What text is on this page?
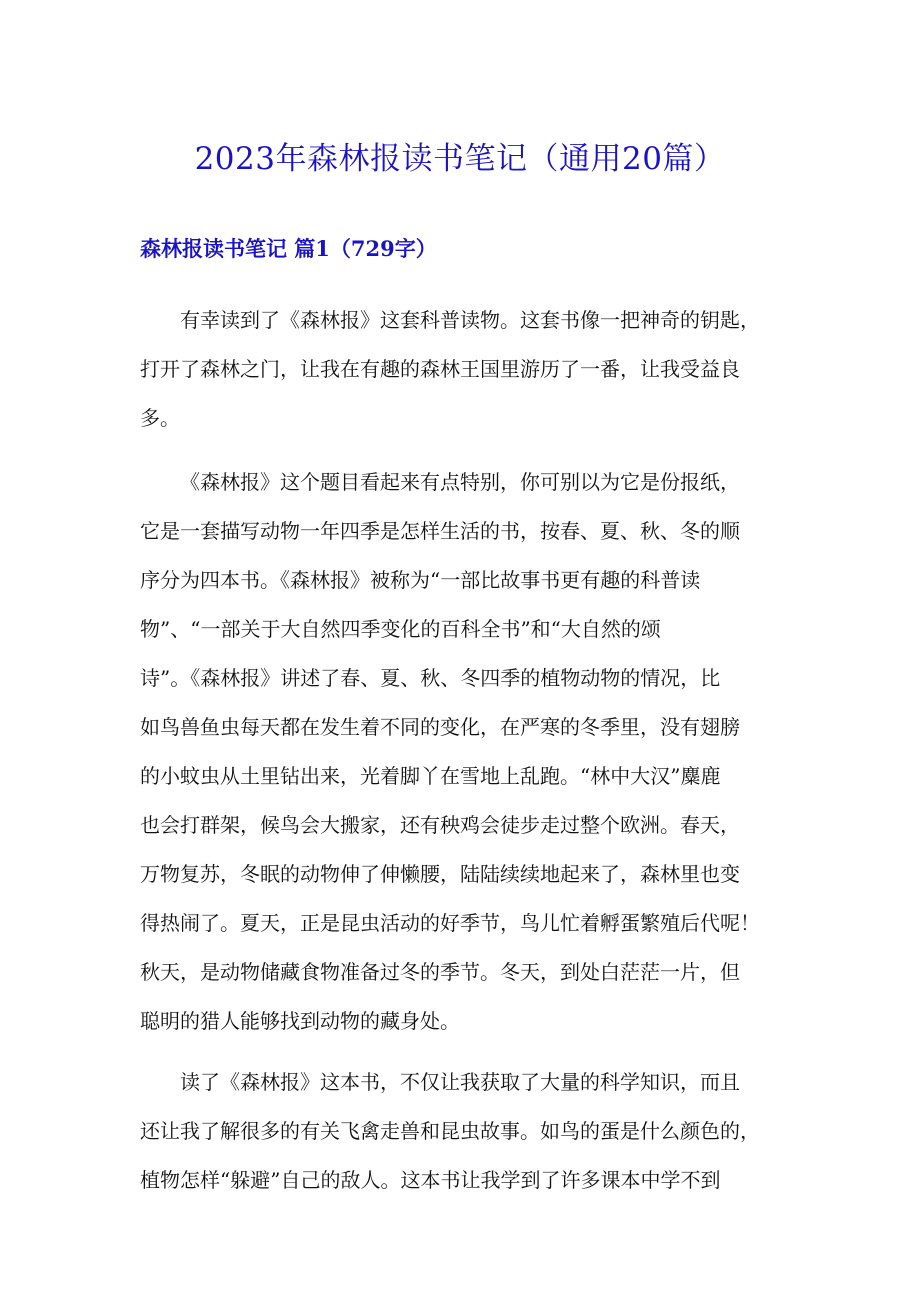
2023年森林报读书笔记（通用20篇）
森林报读书笔记 篇1（729字）
有幸读到了《森林报》这套科普读物。这套书像一把神奇的钥匙，
打开了森林之门，让我在有趣的森林王国里游历了一番，让我受益良
多。
《森林报》这个题目看起来有点特别，你可别以为它是份报纸，
它是一套描写动物一年四季是怎样生活的书，按春、夏、秋、冬的顺
序分为四本书。《森林报》被称为“一部比故事书更有趣的科普读
物”、“一部关于大自然四季变化的百科全书”和“大自然的颂
诗”。《森林报》讲述了春、夏、秋、冬四季的植物动物的情况，比
如鸟兽鱼虫每天都在发生着不同的变化，在严寒的冬季里，没有翅膀
的小蚊虫从土里钻出来，光着脚丫在雪地上乱跑。“林中大汉”麋鹿
也会打群架，候鸟会大搬家，还有秧鸡会徒步走过整个欧洲。春天，
万物复苏，冬眠的动物伸了伸懒腰，陆陆续续地起来了，森林里也变
得热闹了。夏天，正是昆虫活动的好季节，鸟儿忙着孵蛋繁殖后代呢！
秋天，是动物储藏食物准备过冬的季节。冬天，到处白茫茫一片，但
聪明的猎人能够找到动物的藏身处。
读了《森林报》这本书，不仅让我获取了大量的科学知识，而且
还让我了解很多的有关飞禽走兽和昆虫故事。如鸟的蛋是什么颜色的，
植物怎样“躲避”自己的敌人。这本书让我学到了许多课本中学不到
